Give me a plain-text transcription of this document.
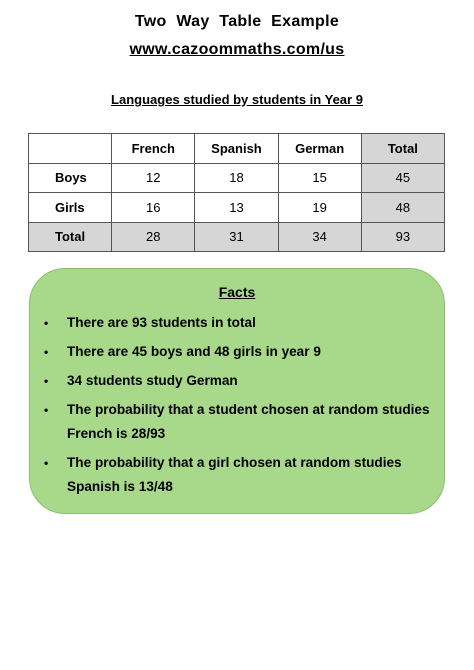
Two Way Table Example
www.cazoommaths.com/us
Languages studied by students in Year 9
	French	Spanish	German	Total
Boys	12	18	15	45
Girls	16	13	19	48
Total	28	31	34	93
Facts
• There are 93 students in total
• There are 45 boys and 48 girls in year 9
• 34 students study German
• The probability that a student chosen at random studies French is 28/93
• The probability that a girl chosen at random studies Spanish is 13/48
